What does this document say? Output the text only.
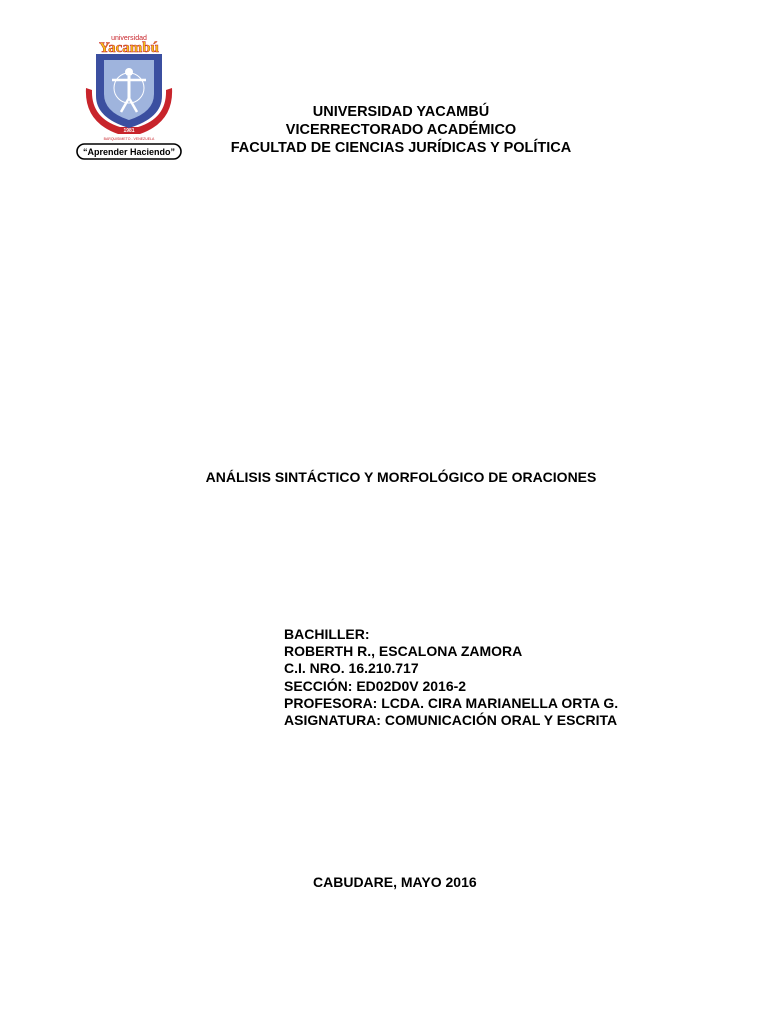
universidad
Yacambú
1981
BARQUISIMETO - VENEZUELA
“Aprender Haciendo”
UNIVERSIDAD YACAMBÚ
VICERRECTORADO ACADÉMICO
FACULTAD DE CIENCIAS JURÍDICAS Y POLÍTICA
ANÁLISIS SINTÁCTICO Y MORFOLÓGICO DE ORACIONES
BACHILLER:
ROBERTH R., ESCALONA ZAMORA
C.I. NRO. 16.210.717
SECCIÓN: ED02D0V 2016-2
PROFESORA: LCDA. CIRA MARIANELLA ORTA G.
ASIGNATURA: COMUNICACIÓN ORAL Y ESCRITA
CABUDARE, MAYO 2016
